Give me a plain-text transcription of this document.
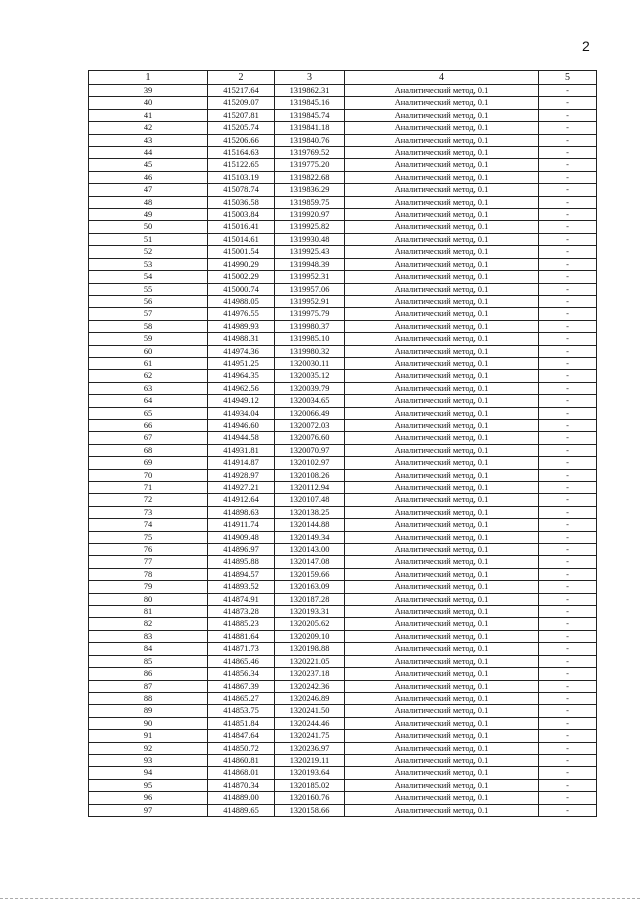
2
1	2	3	4	5
39	415217.64	1319862.31	Аналитический метод, 0.1	-
40	415209.07	1319845.16	Аналитический метод, 0.1	-
41	415207.81	1319845.74	Аналитический метод, 0.1	-
42	415205.74	1319841.18	Аналитический метод, 0.1	-
43	415206.66	1319840.76	Аналитический метод, 0.1	-
44	415164.63	1319769.52	Аналитический метод, 0.1	-
45	415122.65	1319775.20	Аналитический метод, 0.1	-
46	415103.19	1319822.68	Аналитический метод, 0.1	-
47	415078.74	1319836.29	Аналитический метод, 0.1	-
48	415036.58	1319859.75	Аналитический метод, 0.1	-
49	415003.84	1319920.97	Аналитический метод, 0.1	-
50	415016.41	1319925.82	Аналитический метод, 0.1	-
51	415014.61	1319930.48	Аналитический метод, 0.1	-
52	415001.54	1319925.43	Аналитический метод, 0.1	-
53	414990.29	1319948.39	Аналитический метод, 0.1	-
54	415002.29	1319952.31	Аналитический метод, 0.1	-
55	415000.74	1319957.06	Аналитический метод, 0.1	-
56	414988.05	1319952.91	Аналитический метод, 0.1	-
57	414976.55	1319975.79	Аналитический метод, 0.1	-
58	414989.93	1319980.37	Аналитический метод, 0.1	-
59	414988.31	1319985.10	Аналитический метод, 0.1	-
60	414974.36	1319980.32	Аналитический метод, 0.1	-
61	414951.25	1320030.11	Аналитический метод, 0.1	-
62	414964.35	1320035.12	Аналитический метод, 0.1	-
63	414962.56	1320039.79	Аналитический метод, 0.1	-
64	414949.12	1320034.65	Аналитический метод, 0.1	-
65	414934.04	1320066.49	Аналитический метод, 0.1	-
66	414946.60	1320072.03	Аналитический метод, 0.1	-
67	414944.58	1320076.60	Аналитический метод, 0.1	-
68	414931.81	1320070.97	Аналитический метод, 0.1	-
69	414914.87	1320102.97	Аналитический метод, 0.1	-
70	414928.97	1320108.26	Аналитический метод, 0.1	-
71	414927.21	1320112.94	Аналитический метод, 0.1	-
72	414912.64	1320107.48	Аналитический метод, 0.1	-
73	414898.63	1320138.25	Аналитический метод, 0.1	-
74	414911.74	1320144.88	Аналитический метод, 0.1	-
75	414909.48	1320149.34	Аналитический метод, 0.1	-
76	414896.97	1320143.00	Аналитический метод, 0.1	-
77	414895.88	1320147.08	Аналитический метод, 0.1	-
78	414894.57	1320159.66	Аналитический метод, 0.1	-
79	414893.52	1320163.09	Аналитический метод, 0.1	-
80	414874.91	1320187.28	Аналитический метод, 0.1	-
81	414873.28	1320193.31	Аналитический метод, 0.1	-
82	414885.23	1320205.62	Аналитический метод, 0.1	-
83	414881.64	1320209.10	Аналитический метод, 0.1	-
84	414871.73	1320198.88	Аналитический метод, 0.1	-
85	414865.46	1320221.05	Аналитический метод, 0.1	-
86	414856.34	1320237.18	Аналитический метод, 0.1	-
87	414867.39	1320242.36	Аналитический метод, 0.1	-
88	414865.27	1320246.89	Аналитический метод, 0.1	-
89	414853.75	1320241.50	Аналитический метод, 0.1	-
90	414851.84	1320244.46	Аналитический метод, 0.1	-
91	414847.64	1320241.75	Аналитический метод, 0.1	-
92	414850.72	1320236.97	Аналитический метод, 0.1	-
93	414860.81	1320219.11	Аналитический метод, 0.1	-
94	414868.01	1320193.64	Аналитический метод, 0.1	-
95	414870.34	1320185.02	Аналитический метод, 0.1	-
96	414889.00	1320160.76	Аналитический метод, 0.1	-
97	414889.65	1320158.66	Аналитический метод, 0.1	-
